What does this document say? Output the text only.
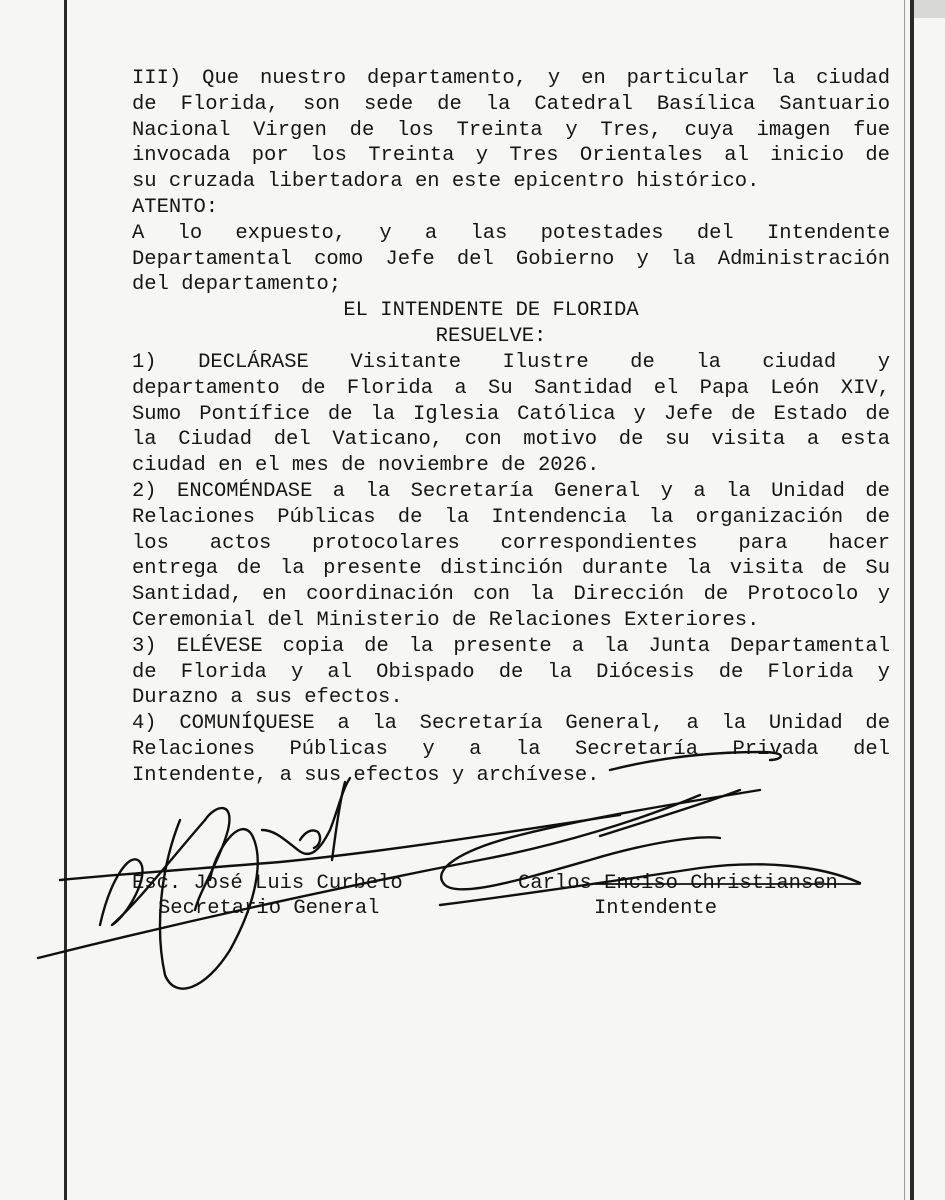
III) Que nuestro departamento, y en particular la ciudad
de Florida, son sede de la Catedral Basílica Santuario
Nacional Virgen de los Treinta y Tres, cuya imagen fue
invocada por los Treinta y Tres Orientales al inicio de
su cruzada libertadora en este epicentro histórico.
ATENTO:
A lo expuesto, y a las potestades del Intendente
Departamental como Jefe del Gobierno y la Administración
del departamento;
EL INTENDENTE DE FLORIDA
RESUELVE:
1) DECLÁRASE Visitante Ilustre de la ciudad y
departamento de Florida a Su Santidad el Papa León XIV,
Sumo Pontífice de la Iglesia Católica y Jefe de Estado de
la Ciudad del Vaticano, con motivo de su visita a esta
ciudad en el mes de noviembre de 2026.
2) ENCOMÉNDASE a la Secretaría General y a la Unidad de
Relaciones Públicas de la Intendencia la organización de
los actos protocolares correspondientes para hacer
entrega de la presente distinción durante la visita de Su
Santidad, en coordinación con la Dirección de Protocolo y
Ceremonial del Ministerio de Relaciones Exteriores.
3) ELÉVESE copia de la presente a la Junta Departamental
de Florida y al Obispado de la Diócesis de Florida y
Durazno a sus efectos.
4) COMUNÍQUESE a la Secretaría General, a la Unidad de
Relaciones Públicas y a la Secretaría Privada del
Intendente, a sus efectos y archívese.
Esc. José Luis Curbelo
Secretario General
Carlos Enciso Christiansen
Intendente
